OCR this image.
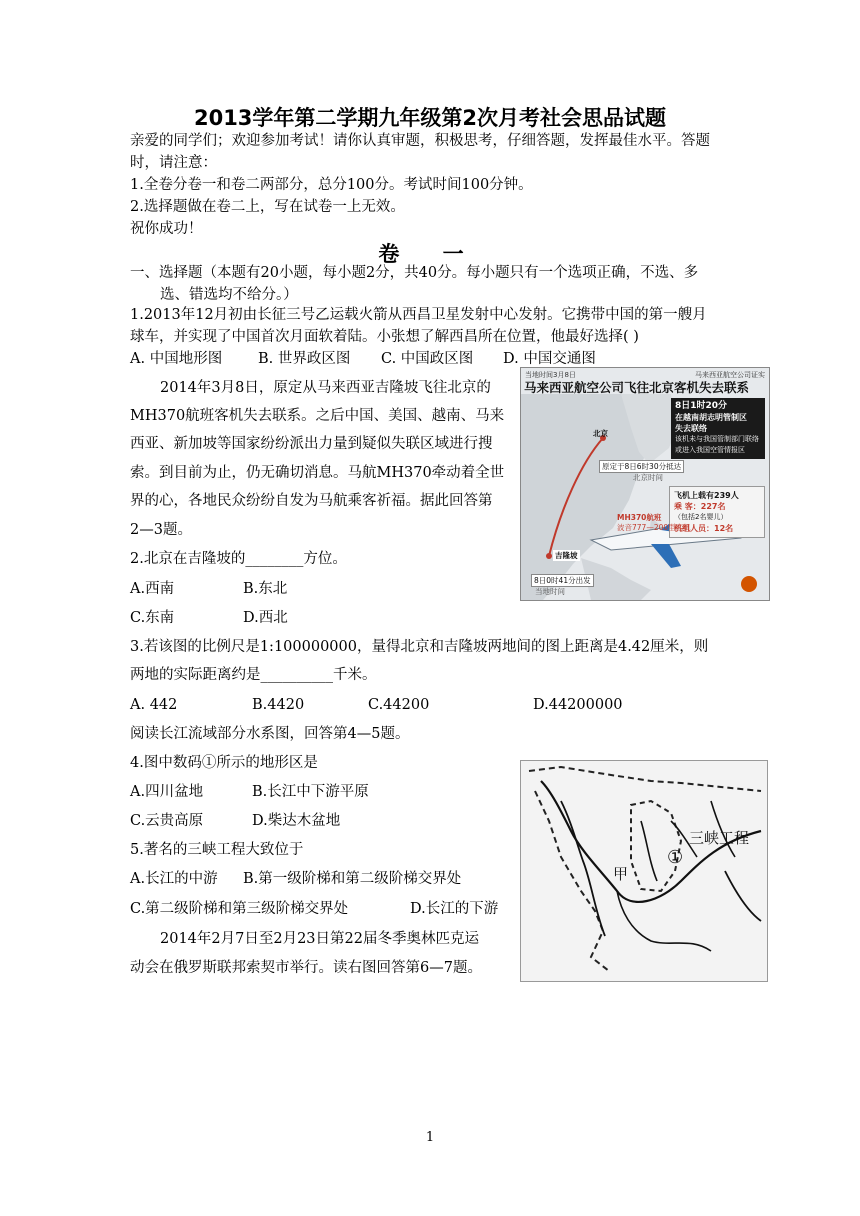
2013学年第二学期九年级第2次月考社会思品试题
亲爱的同学们；欢迎参加考试！请你认真审题，积极思考，仔细答题，发挥最佳水平。答题
时，请注意：
1.全卷分卷一和卷二两部分，总分100分。考试时间100分钟。
2.选择题做在卷二上，写在试卷一上无效。
祝你成功！
卷 一
一、选择题（本题有20小题，每小题2分，共40分。每小题只有一个选项正确，不选、多
选、错选均不给分。）
1.2013年12月初由长征三号乙运载火箭从西昌卫星发射中心发射。它携带中国的第一艘月
球车，并实现了中国首次月面软着陆。小张想了解西昌所在位置，他最好选择( )
A. 中国地形图 B. 世界政区图 C. 中国政区图 D. 中国交通图
2014年3月8日，原定从马来西亚吉隆坡飞往北京的
MH370航班客机失去联系。之后中国、美国、越南、马来
西亚、新加坡等国家纷纷派出力量到疑似失联区域进行搜
索。到目前为止，仍无确切消息。马航MH370牵动着全世
界的心，各地民众纷纷自发为马航乘客祈福。据此回答第
2—3题。
2.北京在吉隆坡的________方位。
A.西南	B.东北
C.东南	D.西北
3.若该图的比例尺是1:100000000，量得北京和吉隆坡两地间的图上距离是4.42厘米，则
两地的实际距离约是__________千米。
A. 442	B.4420	C.44200	D.44200000
阅读长江流域部分水系图，回答第4—5题。
4.图中数码①所示的地形区是
A.四川盆地	B.长江中下游平原
C.云贵高原	D.柴达木盆地
5.著名的三峡工程大致位于
A.长江的中游 B.第一级阶梯和第二级阶梯交界处
C.第二级阶梯和第三级阶梯交界处	D.长江的下游
2014年2月7日至2月23日第22届冬季奥林匹克运
动会在俄罗斯联邦索契市举行。读右图回答第6—7题。
当地时间3月8日	马来西亚航空公司证实
马来西亚航空公司飞往北京客机失去联系
8日1时20分
在越南胡志明管制区
失去联络
该机未与我国管制部门联络或进入我国空管情报区
飞机上载有239人
乘 客：227名
（包括2名婴儿）
机组人员：12名
北京
原定于8日6时30分抵达
北京时间
MH370航班
波音777—200型客机
吉隆坡
8日0时41分出发
当地时间
①
三峡工程
甲
1
